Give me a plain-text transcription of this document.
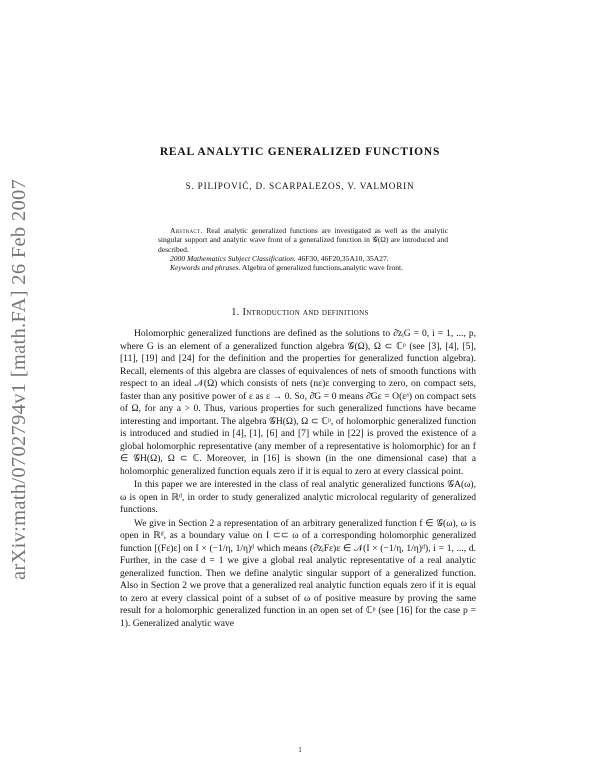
arXiv:math/0702794v1 [math.FA] 26 Feb 2007
REAL ANALYTIC GENERALIZED FUNCTIONS
S. PILIPOVIĆ, D. SCARPALEZOS, V. VALMORIN

Abstract. Real analytic generalized functions are investigated as well as the analytic singular support and analytic wave front of a generalized function in 𝒢(Ω) are introduced and described.

2000 Mathematics Subject Classification. 46F30, 46F20,35A10, 35A27.

Keywords and phrases. Algebra of generalized functions,analytic wave front.

1. Introduction and definitions

Holomorphic generalized functions are defined as the solutions to ∂̄zᵢG = 0, i = 1, ..., p, where G is an element of a generalized function algebra 𝒢(Ω), Ω ⊂ ℂᵖ (see [3], [4], [5], [11], [19] and [24] for the definition and the properties for generalized function algebra). Recall, elements of this algebra are classes of equivalences of nets of smooth functions with respect to an ideal 𝒩(Ω) which consists of nets (nε)ε converging to zero, on compact sets, faster than any positive power of ε as ε → 0. So, ∂̄G = 0 means ∂̄Gε = O(εᵃ) on compact sets of Ω, for any a > 0. Thus, various properties for such generalized functions have became interesting and important. The algebra 𝒢H(Ω), Ω ⊂ ℂᵖ, of holomorphic generalized function is introduced and studied in [4], [1], [6] and [7] while in [22] is proved the existence of a global holomorphic representative (any member of a representative is holomorphic) for an f ∈ 𝒢H(Ω), Ω ⊂ ℂ. Moreover, in [16] is shown (in the one dimensional case) that a holomorphic generalized function equals zero if it is equal to zero at every classical point.

In this paper we are interested in the class of real analytic generalized functions 𝒢A(ω), ω is open in ℝᵈ, in order to study generalized analytic microlocal regularity of generalized functions.

We give in Section 2 a representation of an arbitrary generalized function f ∈ 𝒢(ω), ω is open in ℝᵈ, as a boundary value on I ⊂⊂ ω of a corresponding holomorphic generalized function [(Fε)ε] on I × (−1/η, 1/η)ᵈ which means (∂̄zᵢFε)ε ∈ 𝒩(I × (−1/η, 1/η)ᵈ), i = 1, ..., d. Further, in the case d = 1 we give a global real analytic representative of a real analytic generalized function. Then we define analytic singular support of a generalized function. Also in Section 2 we prove that a generalized real analytic function equals zero if it is equal to zero at every classical point of a subset of ω of positive measure by proving the same result for a holomorphic generalized function in an open set of ℂᵖ (see [16] for the case p = 1). Generalized analytic wave

1
